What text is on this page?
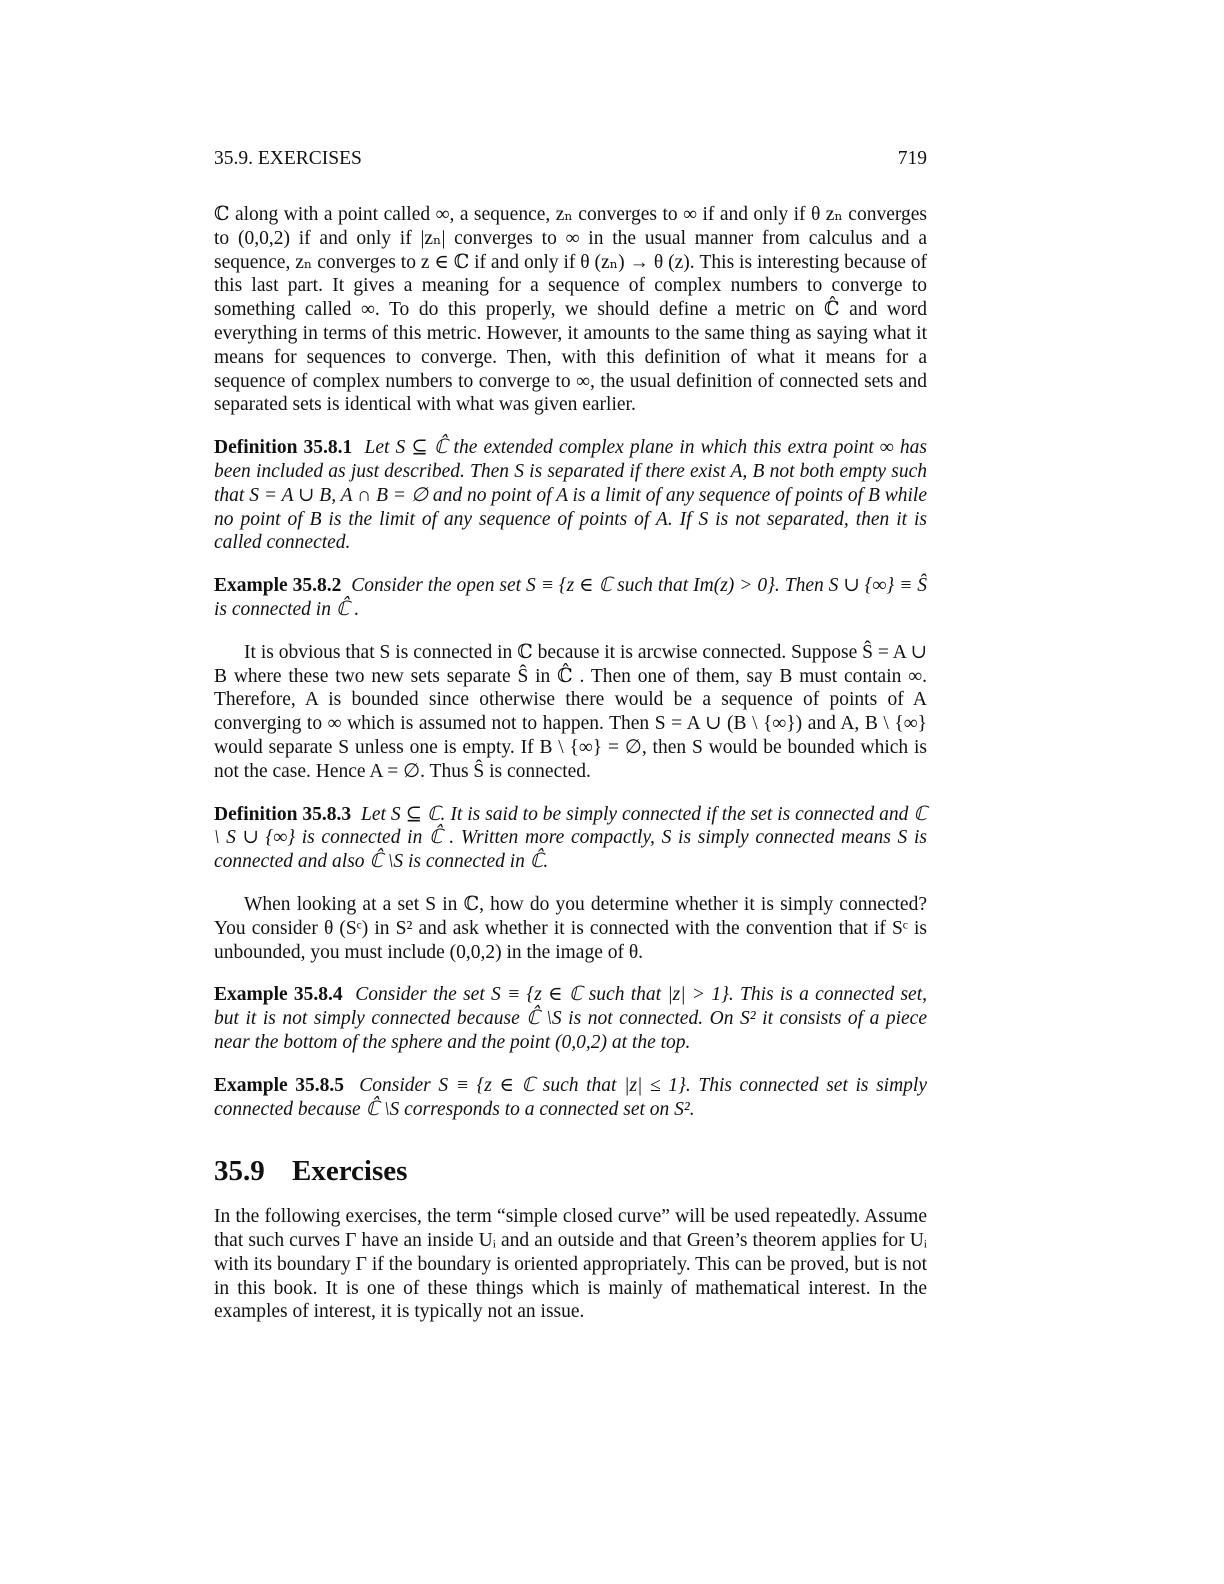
35.9. EXERCISES	719

ℂ along with a point called ∞, a sequence, zₙ converges to ∞ if and only if θ zₙ converges to (0,0,2) if and only if |zₙ| converges to ∞ in the usual manner from calculus and a sequence, zₙ converges to z ∈ ℂ if and only if θ (zₙ) → θ (z). This is interesting because of this last part. It gives a meaning for a sequence of complex numbers to converge to something called ∞. To do this properly, we should define a metric on ℂ̂ and word everything in terms of this metric. However, it amounts to the same thing as saying what it means for sequences to converge. Then, with this definition of what it means for a sequence of complex numbers to converge to ∞, the usual definition of connected sets and separated sets is identical with what was given earlier.

Definition 35.8.1 Let S ⊆ ℂ̂ the extended complex plane in which this extra point ∞ has been included as just described. Then S is separated if there exist A, B not both empty such that S = A ∪ B, A ∩ B = ∅ and no point of A is a limit of any sequence of points of B while no point of B is the limit of any sequence of points of A. If S is not separated, then it is called connected.

Example 35.8.2 Consider the open set S ≡ {z ∈ ℂ such that Im(z) > 0}. Then S ∪ {∞} ≡ Ŝ is connected in ℂ̂ .

It is obvious that S is connected in ℂ because it is arcwise connected. Suppose Ŝ = A ∪ B where these two new sets separate Ŝ in ℂ̂ . Then one of them, say B must contain ∞. Therefore, A is bounded since otherwise there would be a sequence of points of A converging to ∞ which is assumed not to happen. Then S = A ∪ (B \ {∞}) and A, B \ {∞} would separate S unless one is empty. If B \ {∞} = ∅, then S would be bounded which is not the case. Hence A = ∅. Thus Ŝ is connected.

Definition 35.8.3 Let S ⊆ ℂ. It is said to be simply connected if the set is connected and ℂ \ S ∪ {∞} is connected in ℂ̂ . Written more compactly, S is simply connected means S is connected and also ℂ̂ \S is connected in ℂ̂.

When looking at a set S in ℂ, how do you determine whether it is simply connected? You consider θ (Sᶜ) in S² and ask whether it is connected with the convention that if Sᶜ is unbounded, you must include (0,0,2) in the image of θ.

Example 35.8.4 Consider the set S ≡ {z ∈ ℂ such that |z| > 1}. This is a connected set, but it is not simply connected because ℂ̂ \S is not connected. On S² it consists of a piece near the bottom of the sphere and the point (0,0,2) at the top.

Example 35.8.5 Consider S ≡ {z ∈ ℂ such that |z| ≤ 1}. This connected set is simply connected because ℂ̂ \S corresponds to a connected set on S².

35.9 Exercises

In the following exercises, the term “simple closed curve” will be used repeatedly. Assume that such curves Γ have an inside Uᵢ and an outside and that Green’s theorem applies for Uᵢ with its boundary Γ if the boundary is oriented appropriately. This can be proved, but is not in this book. It is one of these things which is mainly of mathematical interest. In the examples of interest, it is typically not an issue.
